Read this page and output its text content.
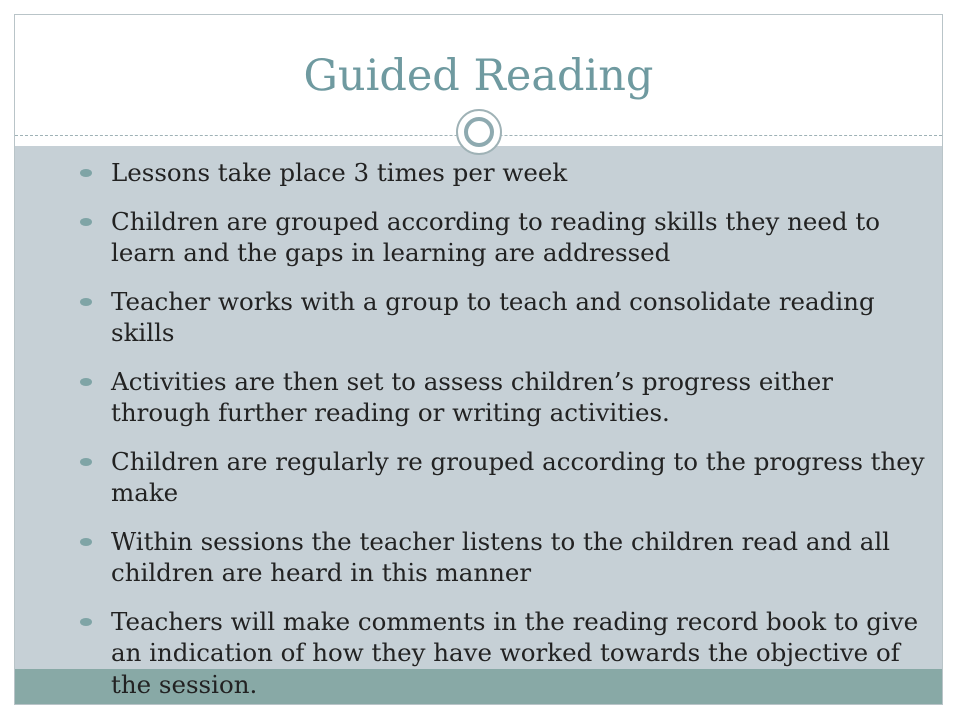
Guided Reading
Lessons take place 3 times per week
Children are grouped according to reading skills they need to learn and the gaps in learning are addressed
Teacher works with a group to teach and consolidate reading skills
Activities are then set to assess children’s progress either through further reading or writing activities.
Children are regularly re grouped according to the progress they make
Within sessions the teacher listens to the children read and all children are heard in this manner
Teachers will make comments in the reading record book to give an indication of how they have worked towards the objective of the session.
